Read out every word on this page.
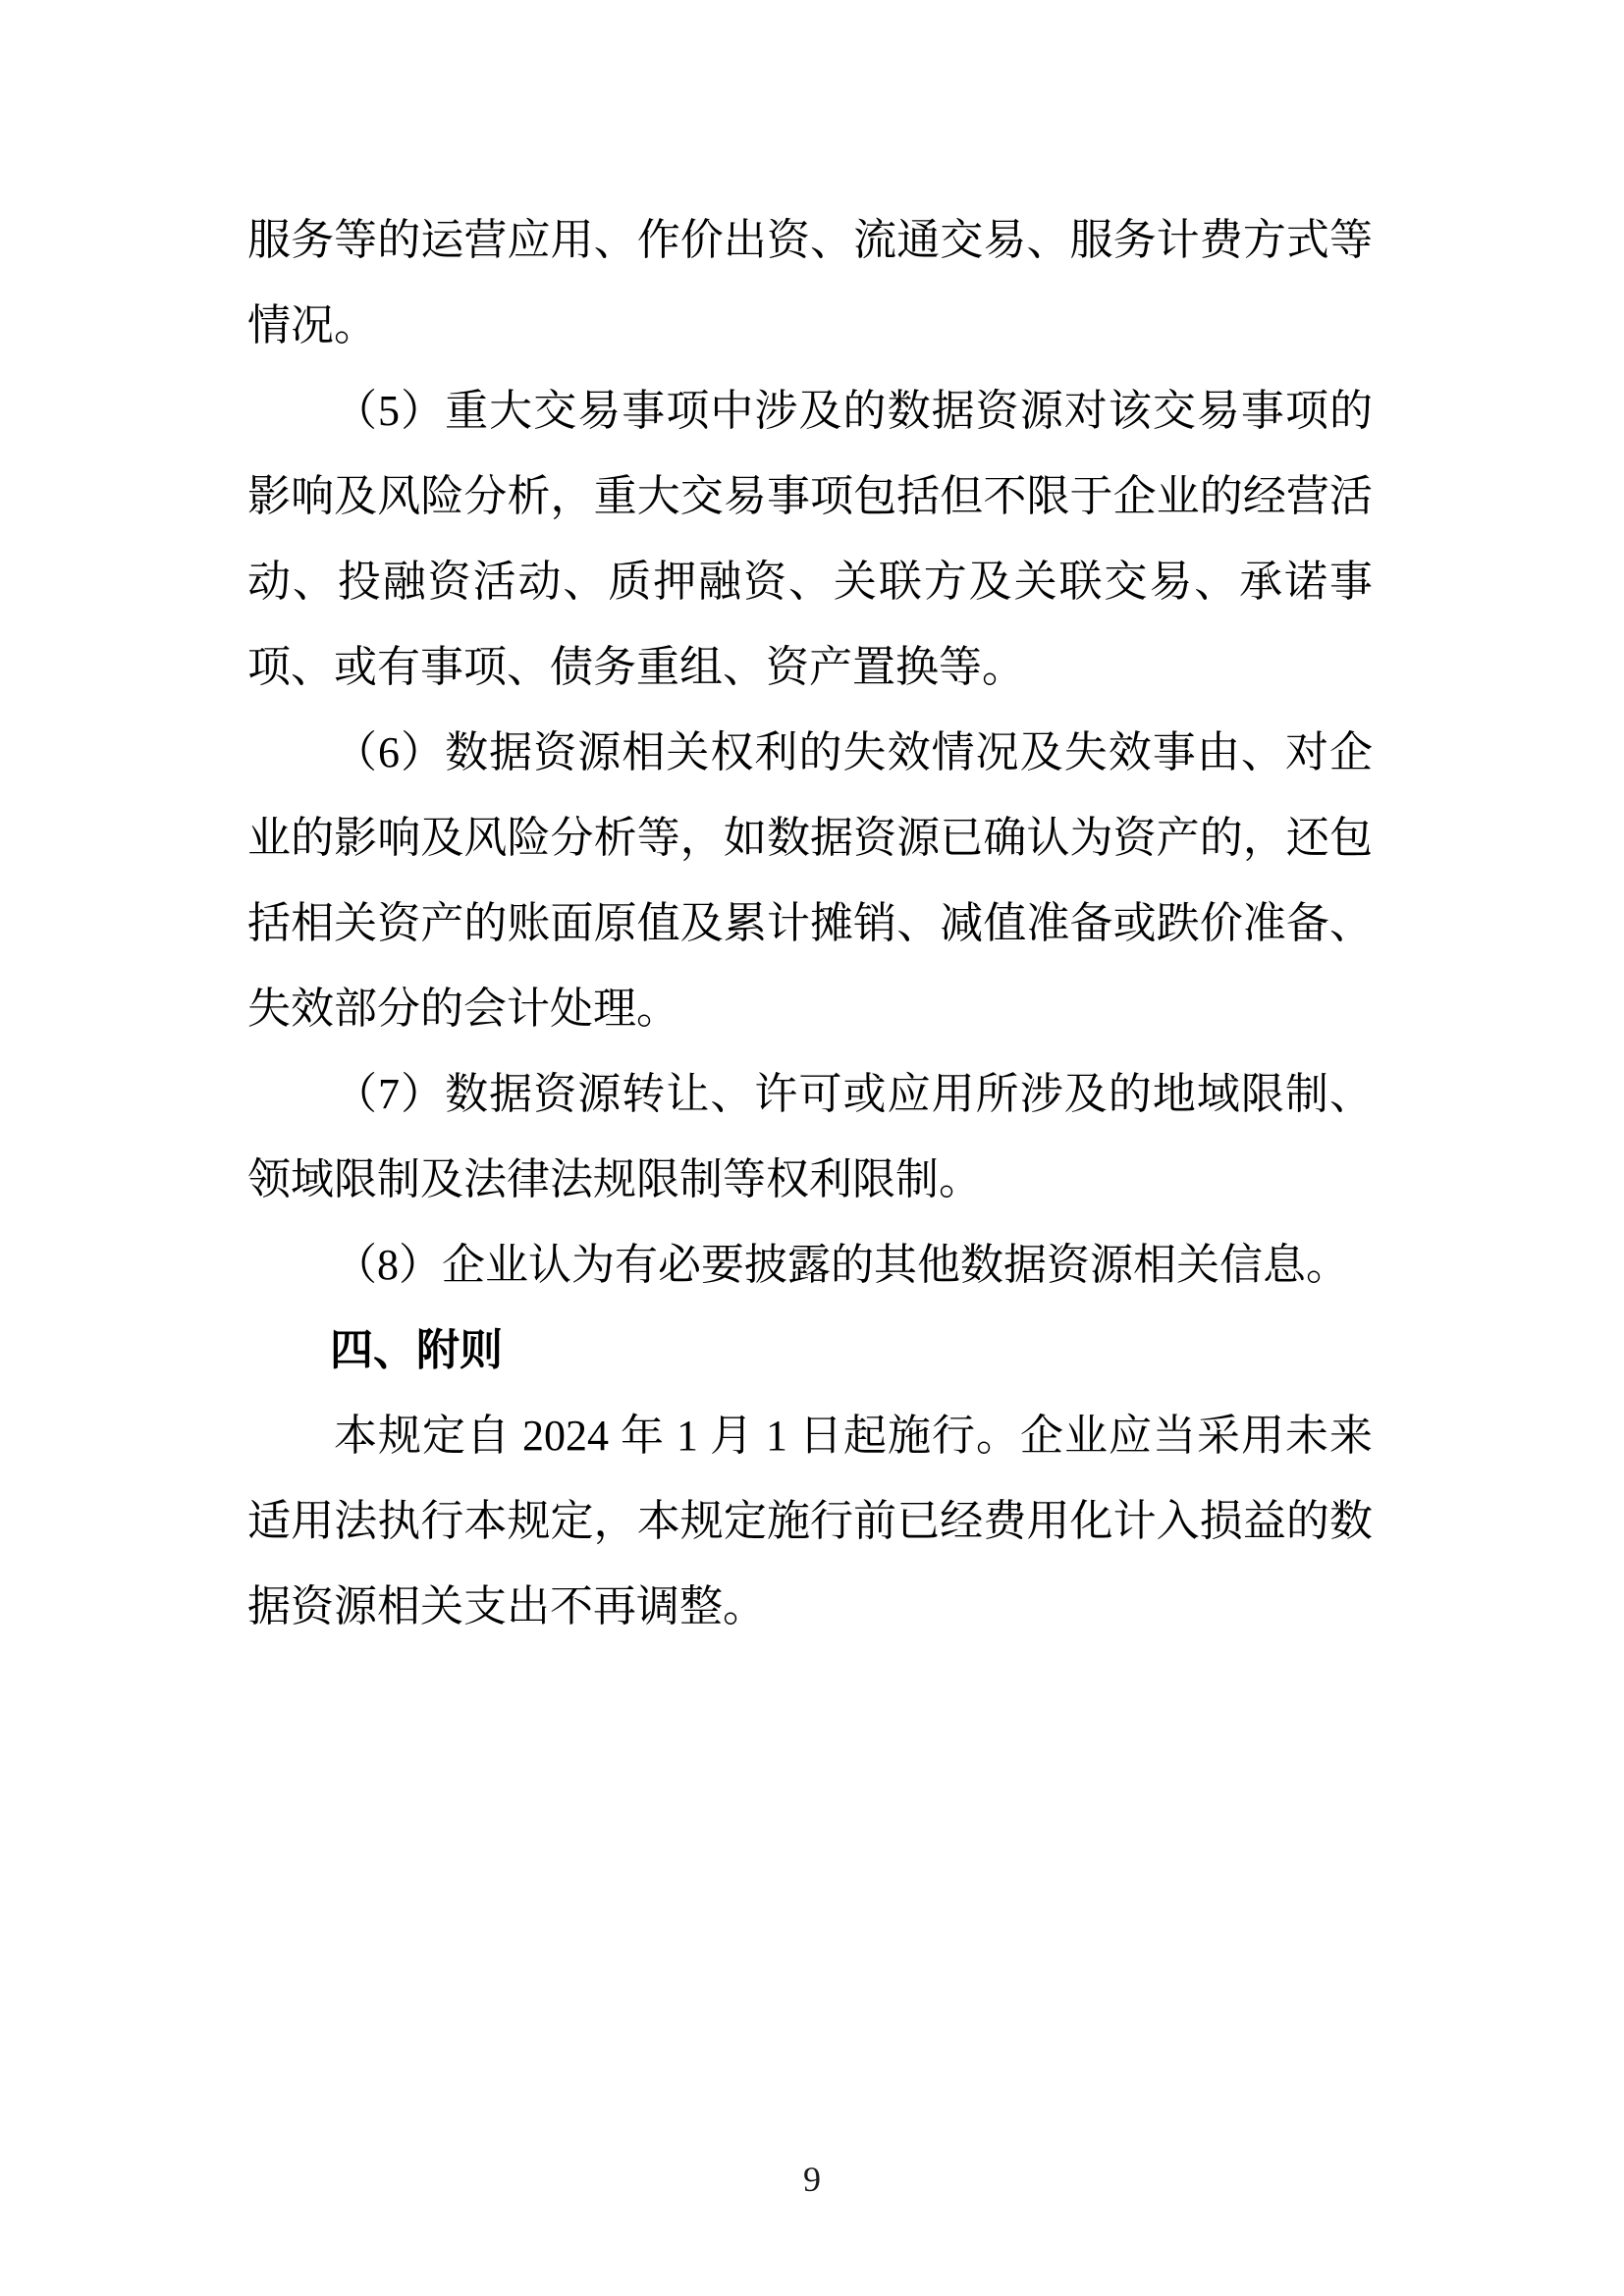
服务等的运营应用、作价出资、流通交易、服务计费方式等情况。

（5）重大交易事项中涉及的数据资源对该交易事项的影响及风险分析，重大交易事项包括但不限于企业的经营活动、投融资活动、质押融资、关联方及关联交易、承诺事项、或有事项、债务重组、资产置换等。

（6）数据资源相关权利的失效情况及失效事由、对企业的影响及风险分析等，如数据资源已确认为资产的，还包括相关资产的账面原值及累计摊销、减值准备或跌价准备、失效部分的会计处理。

（7）数据资源转让、许可或应用所涉及的地域限制、领域限制及法律法规限制等权利限制。

（8）企业认为有必要披露的其他数据资源相关信息。

四、附则

本规定自 2024 年 1 月 1 日起施行。企业应当采用未来适用法执行本规定，本规定施行前已经费用化计入损益的数据资源相关支出不再调整。

9
